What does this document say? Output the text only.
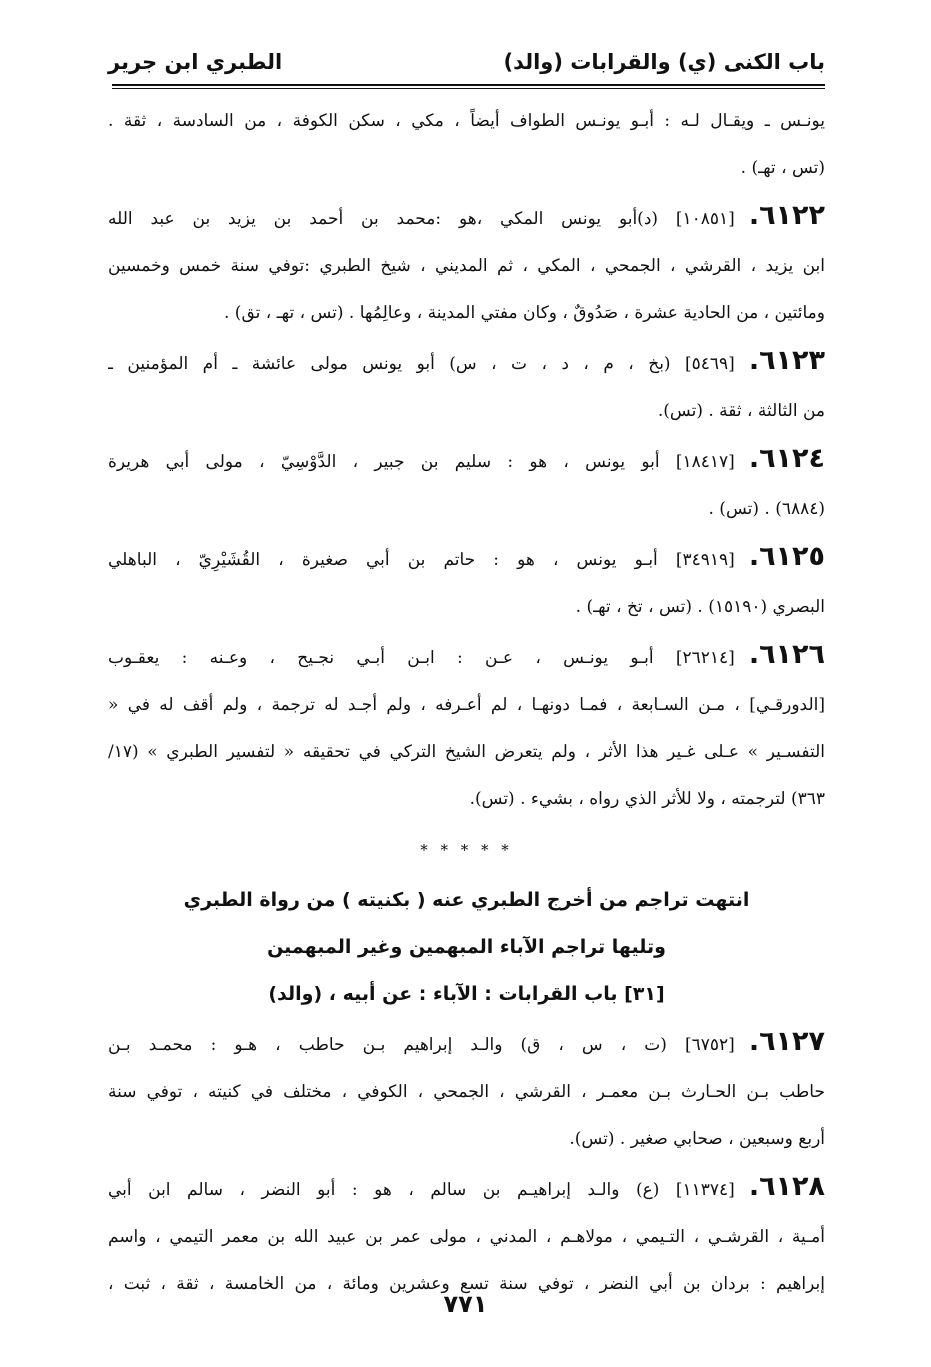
الطبري ابن جرير	باب الكنى (ي) والقرابات (والد)
يونـس ـ ويقـال لـه : أبـو يونـس الطواف أيضاً ، مكي ، سكن الكوفة ، من السادسة ، ثقة .
(تس ، تهـ) .
٦١٢٢.[١٠٨٥١] (د)أبو يونس المكي ،هو :محمد بن أحمد بن يزيد بن عبد الله
ابن يزيد ، القرشي ، الجمحي ، المكي ، ثم المديني ، شيخ الطبري :توفي سنة خمس وخمسين
ومائتين ، من الحادية عشرة ، صَدُوقٌ ، وكان مفتي المدينة ، وعالِمُها . (تس ، تهـ ، تق) .
٦١٢٣.[٥٤٦٩] (بخ ، م ، د ، ت ، س) أبو يونس مولى عائشة ـ أم المؤمنين ـ
من الثالثة ، ثقة . (تس).
٦١٢٤.[١٨٤١٧] أبو يونس ، هو : سليم بن جبير ، الدَّوْسِيّ ، مولى أبي هريرة
(٦٨٨٤) . (تس) .
٦١٢٥.[٣٤٩١٩] أبـو يونس ، هو : حاتم بن أبي صغيرة ، القُشَيْرِيّ ، الباهلي
البصري (١٥١٩٠) . (تس ، تخ ، تهـ) .
٦١٢٦.[٢٦٢١٤] أبـو يونـس ، عـن : ابـن أبـي نجـيح ، وعـنه : يعقـوب
[الدورقـي] ، مـن السـابعة ، فمـا دونهـا ، لم أعـرفه ، ولم أجـد له ترجمة ، ولم أقف له في «
التفسـير » عـلى غـير هذا الأثر ، ولم يتعرض الشيخ التركي في تحقيقه « لتفسير الطبري » (١٧/
٣٦٣) لترجمته ، ولا للأثر الذي رواه ، بشيء . (تس).
* * * * *
انتهت تراجم من أخرج الطبري عنه ( بكنيته ) من رواة الطبري
وتليها تراجم الآباء المبهمين وغير المبهمين
[٣١] باب القرابات : الآباء : عن أبيه ، (والد)
٦١٢٧.[٦٧٥٢] (ت ، س ، ق) والـد إبراهيم بـن حاطب ، هـو : محمـد بـن
حاطب بـن الحـارث بـن معمـر ، القرشي ، الجمحي ، الكوفي ، مختلف في كنيته ، توفي سنة
أربع وسبعين ، صحابي صغير . (تس).
٦١٢٨.[١١٣٧٤] (ع) والـد إبراهيـم بن سالم ، هو : أبو النضر ، سالم ابن أبي
أمـية ، القرشـي ، التـيمي ، مولاهـم ، المدني ، مولى عمر بن عبيد الله بن معمر التيمي ، واسم
إبراهيم : بردان بن أبي النضر ، توفي سنة تسع وعشرين ومائة ، من الخامسة ، ثقة ، ثبت ،
٧٧١
